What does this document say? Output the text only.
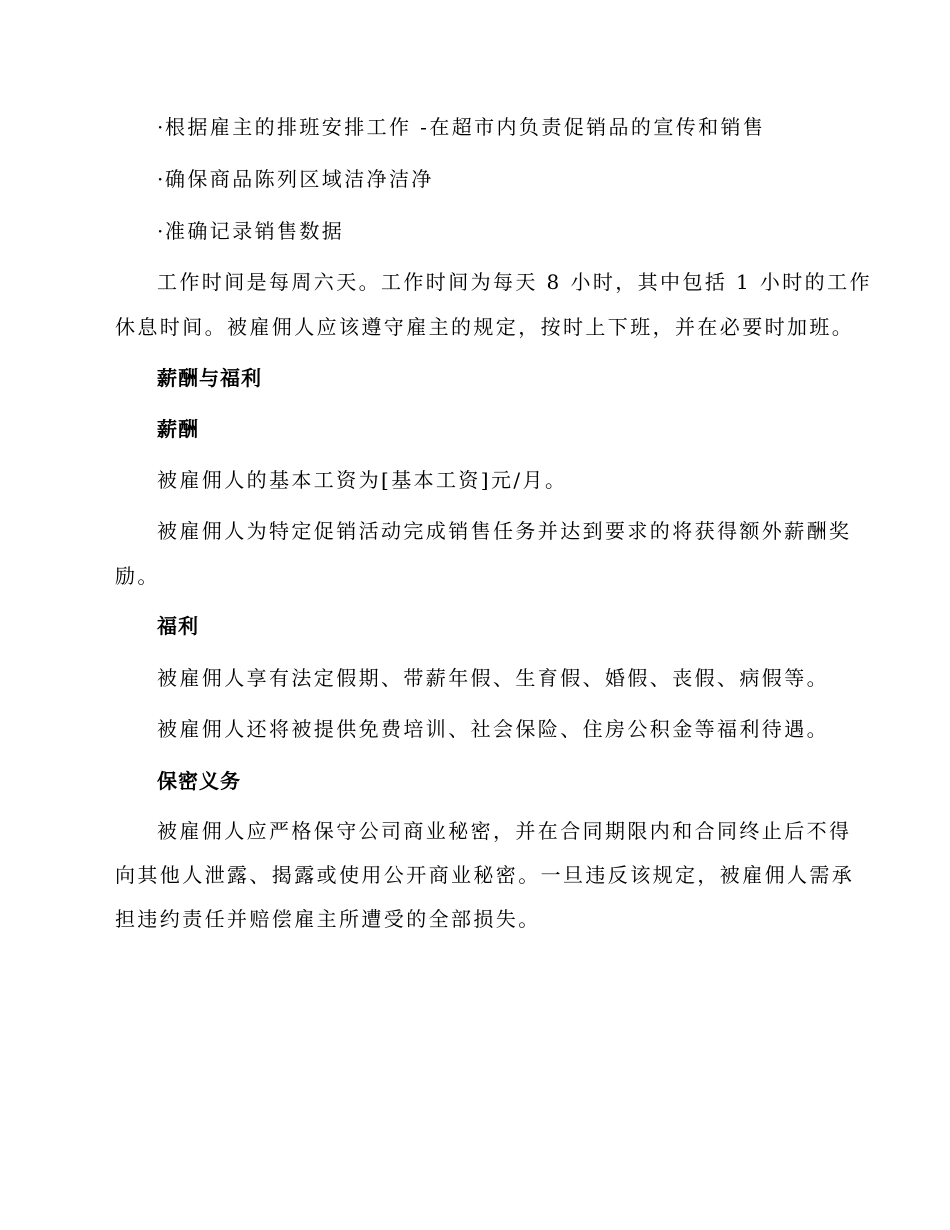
·根据雇主的排班安排工作 -在超市内负责促销品的宣传和销售
·确保商品陈列区域洁净洁净
·准确记录销售数据
工作时间是每周六天。工作时间为每天 8 小时，其中包括 1 小时的工作
休息时间。被雇佣人应该遵守雇主的规定，按时上下班，并在必要时加班。
薪酬与福利
薪酬
被雇佣人的基本工资为[基本工资]元/月。
被雇佣人为特定促销活动完成销售任务并达到要求的将获得额外薪酬奖
励。
福利
被雇佣人享有法定假期、带薪年假、生育假、婚假、丧假、病假等。
被雇佣人还将被提供免费培训、社会保险、住房公积金等福利待遇。
保密义务
被雇佣人应严格保守公司商业秘密，并在合同期限内和合同终止后不得
向其他人泄露、揭露或使用公开商业秘密。一旦违反该规定，被雇佣人需承
担违约责任并赔偿雇主所遭受的全部损失。
